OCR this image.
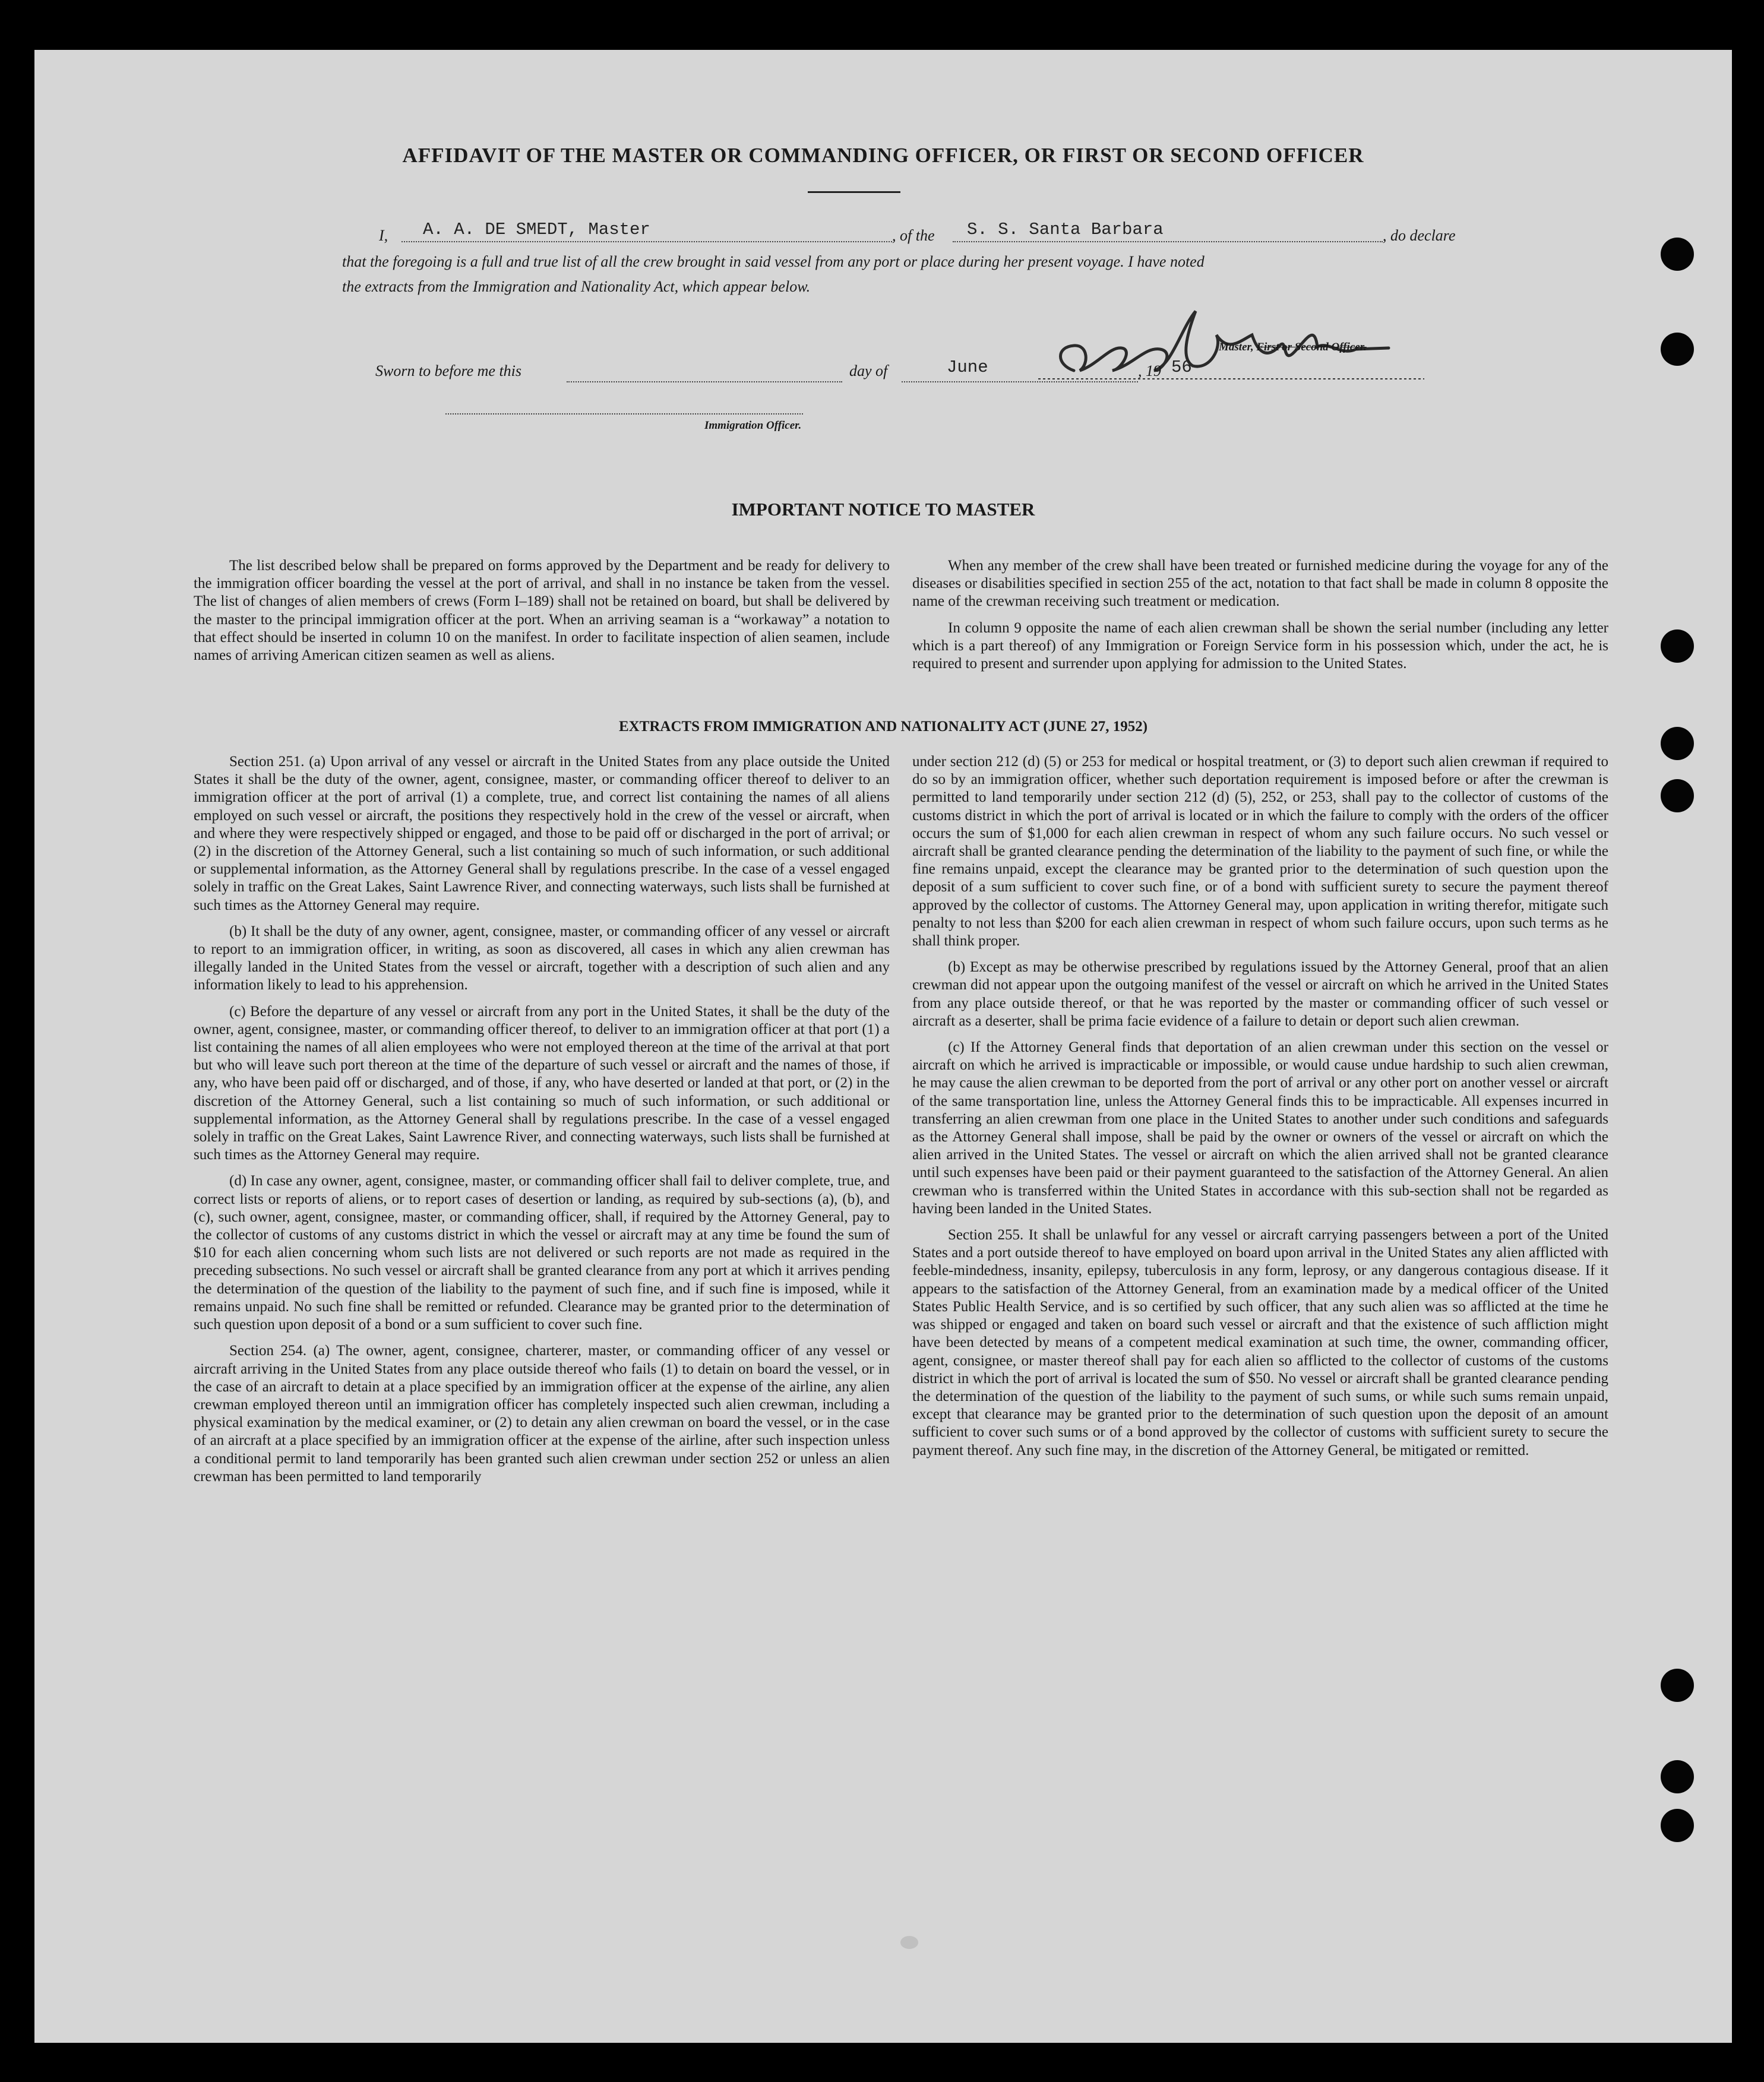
AFFIDAVIT OF THE MASTER OR COMMANDING OFFICER, OR FIRST OR SECOND OFFICER
I, A. A. DE SMEDT, Master	, of the S. S. Santa Barbara	, do declare
that the foregoing is a full and true list of all the crew brought in said vessel from any port or place during her present voyage. I have noted
the extracts from the Immigration and Nationality Act, which appear below.
Master, First or Second Officer.
Sworn to before me this	day of	June	, 19 56
Immigration Officer.
IMPORTANT NOTICE TO MASTER

The list described below shall be prepared on forms approved by the Department and be ready for delivery to the immigration officer boarding the vessel at the port of arrival, and shall in no instance be taken from the vessel. The list of changes of alien members of crews (Form I–189) shall not be retained on board, but shall be delivered by the master to the principal immigration officer at the port. When an arriving seaman is a “workaway” a notation to that effect should be inserted in column 10 on the manifest. In order to facilitate inspection of alien seamen, include names of arriving American citizen seamen as well as aliens.

When any member of the crew shall have been treated or furnished medicine during the voyage for any of the diseases or disabilities specified in section 255 of the act, notation to that fact shall be made in column 8 opposite the name of the crewman receiving such treatment or medication.

In column 9 opposite the name of each alien crewman shall be shown the serial number (including any letter which is a part thereof) of any Immigration or Foreign Service form in his possession which, under the act, he is required to present and surrender upon applying for admission to the United States.

EXTRACTS FROM IMMIGRATION AND NATIONALITY ACT (JUNE 27, 1952)

Section 251. (a) Upon arrival of any vessel or aircraft in the United States from any place outside the United States it shall be the duty of the owner, agent, consignee, master, or commanding officer thereof to deliver to an immigration officer at the port of arrival (1) a complete, true, and correct list containing the names of all aliens employed on such vessel or aircraft, the positions they respectively hold in the crew of the vessel or aircraft, when and where they were respectively shipped or engaged, and those to be paid off or discharged in the port of arrival; or (2) in the discretion of the Attorney General, such a list containing so much of such information, or such additional or supplemental information, as the Attorney General shall by regulations prescribe. In the case of a vessel engaged solely in traffic on the Great Lakes, Saint Lawrence River, and connecting waterways, such lists shall be furnished at such times as the Attorney General may require.

(b) It shall be the duty of any owner, agent, consignee, master, or commanding officer of any vessel or aircraft to report to an immigration officer, in writing, as soon as discovered, all cases in which any alien crewman has illegally landed in the United States from the vessel or aircraft, together with a description of such alien and any information likely to lead to his apprehension.

(c) Before the departure of any vessel or aircraft from any port in the United States, it shall be the duty of the owner, agent, consignee, master, or commanding officer thereof, to deliver to an immigration officer at that port (1) a list containing the names of all alien employees who were not employed thereon at the time of the arrival at that port but who will leave such port thereon at the time of the departure of such vessel or aircraft and the names of those, if any, who have been paid off or discharged, and of those, if any, who have deserted or landed at that port, or (2) in the discretion of the Attorney General, such a list containing so much of such information, or such additional or supplemental information, as the Attorney General shall by regulations prescribe. In the case of a vessel engaged solely in traffic on the Great Lakes, Saint Lawrence River, and connecting waterways, such lists shall be furnished at such times as the Attorney General may require.

(d) In case any owner, agent, consignee, master, or commanding officer shall fail to deliver complete, true, and correct lists or reports of aliens, or to report cases of desertion or landing, as required by sub-sections (a), (b), and (c), such owner, agent, consignee, master, or commanding officer, shall, if required by the Attorney General, pay to the collector of customs of any customs district in which the vessel or aircraft may at any time be found the sum of $10 for each alien concerning whom such lists are not delivered or such reports are not made as required in the preceding subsections. No such vessel or aircraft shall be granted clearance from any port at which it arrives pending the determination of the question of the liability to the payment of such fine, and if such fine is imposed, while it remains unpaid. No such fine shall be remitted or refunded. Clearance may be granted prior to the determination of such question upon deposit of a bond or a sum sufficient to cover such fine.

Section 254. (a) The owner, agent, consignee, charterer, master, or commanding officer of any vessel or aircraft arriving in the United States from any place outside thereof who fails (1) to detain on board the vessel, or in the case of an aircraft to detain at a place specified by an immigration officer at the expense of the airline, any alien crewman employed thereon until an immigration officer has completely inspected such alien crewman, including a physical examination by the medical examiner, or (2) to detain any alien crewman on board the vessel, or in the case of an aircraft at a place specified by an immigration officer at the expense of the airline, after such inspection unless a conditional permit to land temporarily has been granted such alien crewman under section 252 or unless an alien crewman has been permitted to land temporarily

under section 212 (d) (5) or 253 for medical or hospital treatment, or (3) to deport such alien crewman if required to do so by an immigration officer, whether such deportation requirement is imposed before or after the crewman is permitted to land temporarily under section 212 (d) (5), 252, or 253, shall pay to the collector of customs of the customs district in which the port of arrival is located or in which the failure to comply with the orders of the officer occurs the sum of $1,000 for each alien crewman in respect of whom any such failure occurs. No such vessel or aircraft shall be granted clearance pending the determination of the liability to the payment of such fine, or while the fine remains unpaid, except the clearance may be granted prior to the determination of such question upon the deposit of a sum sufficient to cover such fine, or of a bond with sufficient surety to secure the payment thereof approved by the collector of customs. The Attorney General may, upon application in writing therefor, mitigate such penalty to not less than $200 for each alien crewman in respect of whom such failure occurs, upon such terms as he shall think proper.

(b) Except as may be otherwise prescribed by regulations issued by the Attorney General, proof that an alien crewman did not appear upon the outgoing manifest of the vessel or aircraft on which he arrived in the United States from any place outside thereof, or that he was reported by the master or commanding officer of such vessel or aircraft as a deserter, shall be prima facie evidence of a failure to detain or deport such alien crewman.

(c) If the Attorney General finds that deportation of an alien crewman under this section on the vessel or aircraft on which he arrived is impracticable or impossible, or would cause undue hardship to such alien crewman, he may cause the alien crewman to be deported from the port of arrival or any other port on another vessel or aircraft of the same transportation line, unless the Attorney General finds this to be impracticable. All expenses incurred in transferring an alien crewman from one place in the United States to another under such conditions and safeguards as the Attorney General shall impose, shall be paid by the owner or owners of the vessel or aircraft on which the alien arrived in the United States. The vessel or aircraft on which the alien arrived shall not be granted clearance until such expenses have been paid or their payment guaranteed to the satisfaction of the Attorney General. An alien crewman who is transferred within the United States in accordance with this sub-section shall not be regarded as having been landed in the United States.

Section 255. It shall be unlawful for any vessel or aircraft carrying passengers between a port of the United States and a port outside thereof to have employed on board upon arrival in the United States any alien afflicted with feeble-mindedness, insanity, epilepsy, tuberculosis in any form, leprosy, or any dangerous contagious disease. If it appears to the satisfaction of the Attorney General, from an examination made by a medical officer of the United States Public Health Service, and is so certified by such officer, that any such alien was so afflicted at the time he was shipped or engaged and taken on board such vessel or aircraft and that the existence of such affliction might have been detected by means of a competent medical examination at such time, the owner, commanding officer, agent, consignee, or master thereof shall pay for each alien so afflicted to the collector of customs of the customs district in which the port of arrival is located the sum of $50. No vessel or aircraft shall be granted clearance pending the determination of the question of the liability to the payment of such sums, or while such sums remain unpaid, except that clearance may be granted prior to the determination of such question upon the deposit of an amount sufficient to cover such sums or of a bond approved by the collector of customs with sufficient surety to secure the payment thereof. Any such fine may, in the discretion of the Attorney General, be mitigated or remitted.
